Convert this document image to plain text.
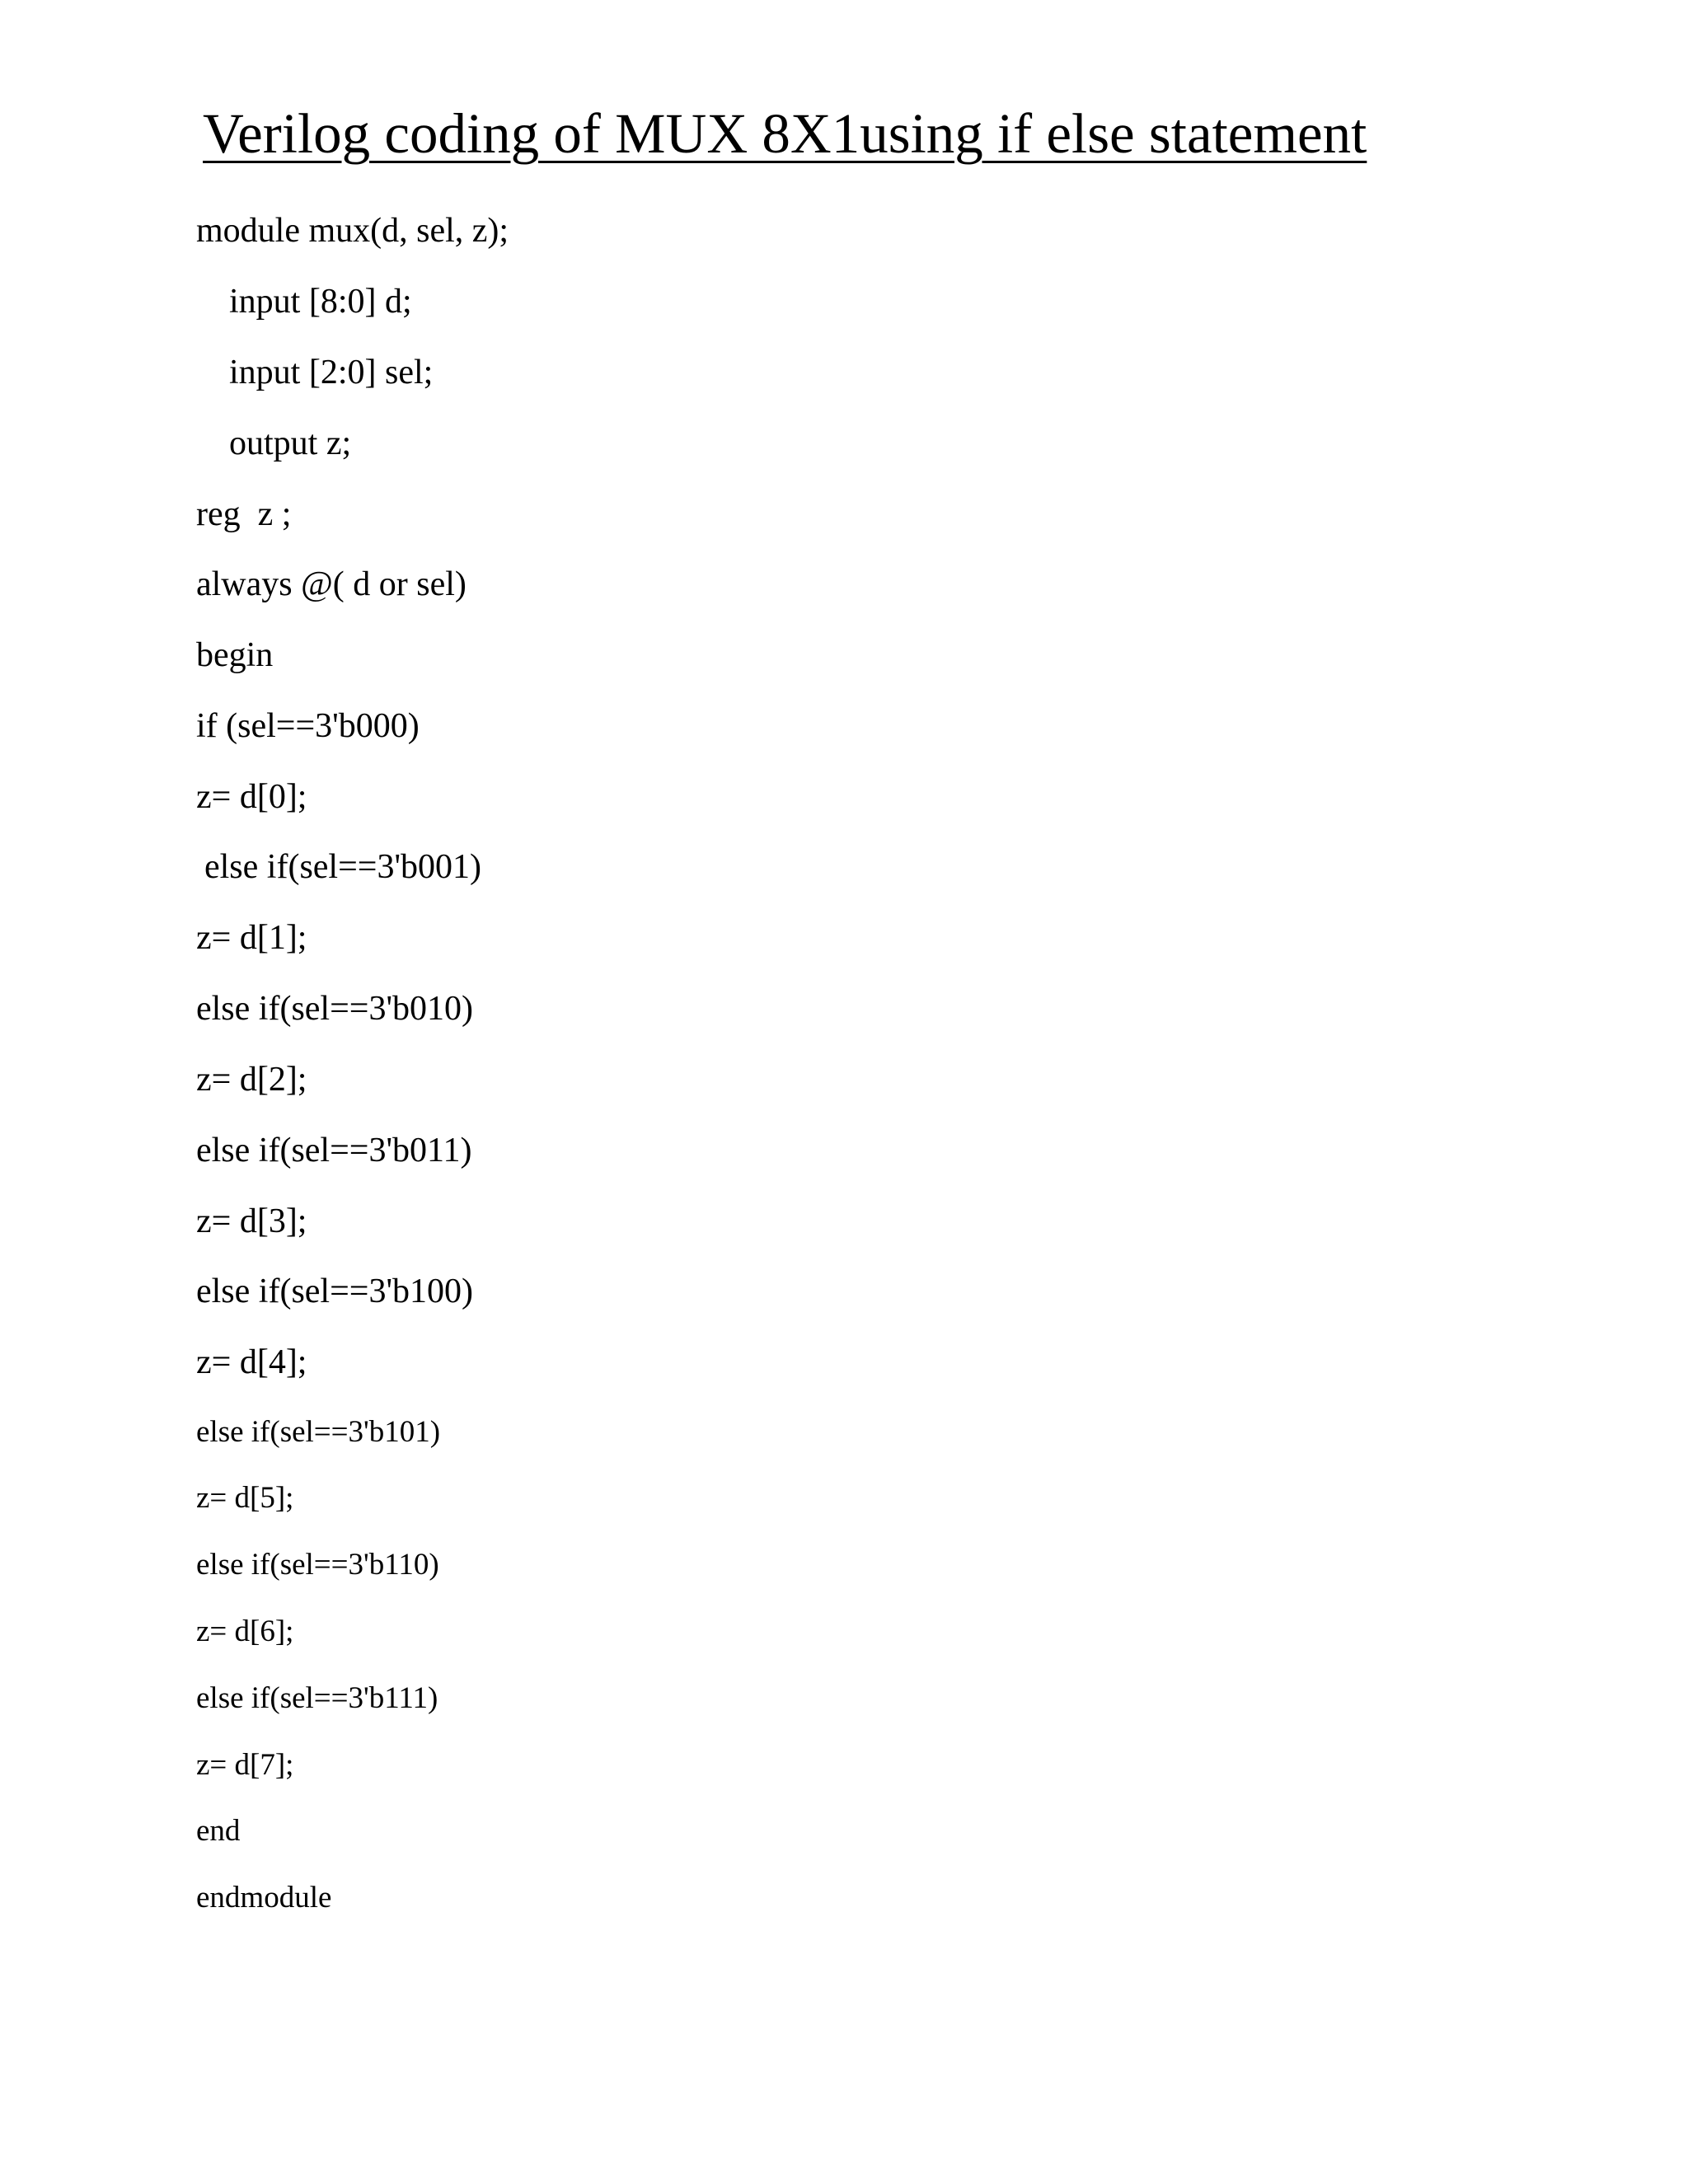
Verilog coding of MUX 8X1using if else statement

module mux(d, sel, z);

input [8:0] d;

input [2:0] sel;

output z;

reg  z ;

always @( d or sel)

begin

if (sel==3'b000)

z= d[0];

else if(sel==3'b001)

z= d[1];

else if(sel==3'b010)

z= d[2];

else if(sel==3'b011)

z= d[3];

else if(sel==3'b100)

z= d[4];

else if(sel==3'b101)

z= d[5];

else if(sel==3'b110)

z= d[6];

else if(sel==3'b111)

z= d[7];

end

endmodule
